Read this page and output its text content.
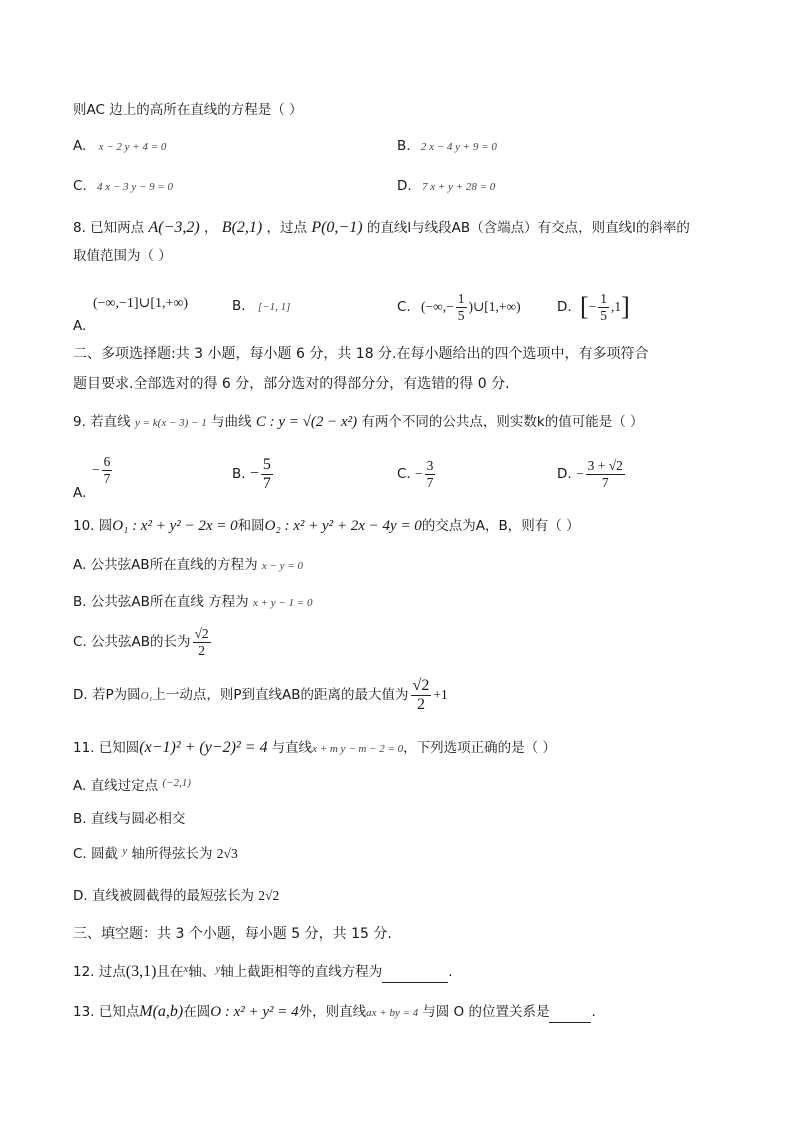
则AC 边上的高所在直线的方程是（ ）
A. x − 2 y + 4 = 0	B. 2 x − 4 y + 9 = 0
C. 4 x − 3 y − 9 = 0	D. 7 x + y + 28 = 0
8. 已知两点 A(−3,2) ， B(2,1) ，过点 P(0,−1) 的直线l与线段AB（含端点）有交点，则直线l的斜率的
取值范围为（ ）
A.
(−∞,−1]∪[1,+∞)	B. [−1, 1]	C. (−∞,− $\frac{1}{5}$ )∪[1,+∞)	D. [− $\frac{1}{5} ,1$]
二、多项选择题:共 3 小题，每小题 6 分，共 18 分.在每小题给出的四个选项中，有多项符合
题目要求.全部选对的得 6 分，部分选对的得部分分，有选错的得 0 分.
9. 若直线 y = k(x − 3) − 1 与曲线 C : y = √(2 − x²) 有两个不同的公共点，则实数k的值可能是（ ）
A.
− $\frac{6}{7}$	B. − $\frac{5}{7}$	C. − $\frac{3}{7}$	D. − $\frac{3 + √2}{7}$
10. 圆O₁ : x² + y² − 2x = 0和圆O₂ : x² + y² + 2x − 4y = 0的交点为A，B，则有（ ）
A. 公共弦AB所在直线的方程为 x − y = 0
B. 公共弦AB所在直线 方程为 x + y − 1 = 0
C. 公共弦AB的长为 $\frac{√2}{2}$
D. 若P为圆O₁上一动点，则P到直线AB的距离的最大值为 $\frac{√2}{2} +1$
11. 已知圆(x−1)² + (y−2)² = 4 与直线x + m y − m − 2 = 0，下列选项正确的是（ ）
A. 直线过定点 $^{(-2,1)}$
B. 直线与圆必相交
C. 圆截 $^y$ 轴所得弦长为 2√3
D. 直线被圆截得的最短弦长为 2√2
三、填空题：共 3 个小题，每小题 5 分，共 15 分.
12. 过点(3,1)且在$^x$轴、$^y$轴上截距相等的直线方程为	.
13. 已知点M(a,b)在圆O : x² + y² = 4外，则直线ax + by = 4 与圆 O 的位置关系是	.
